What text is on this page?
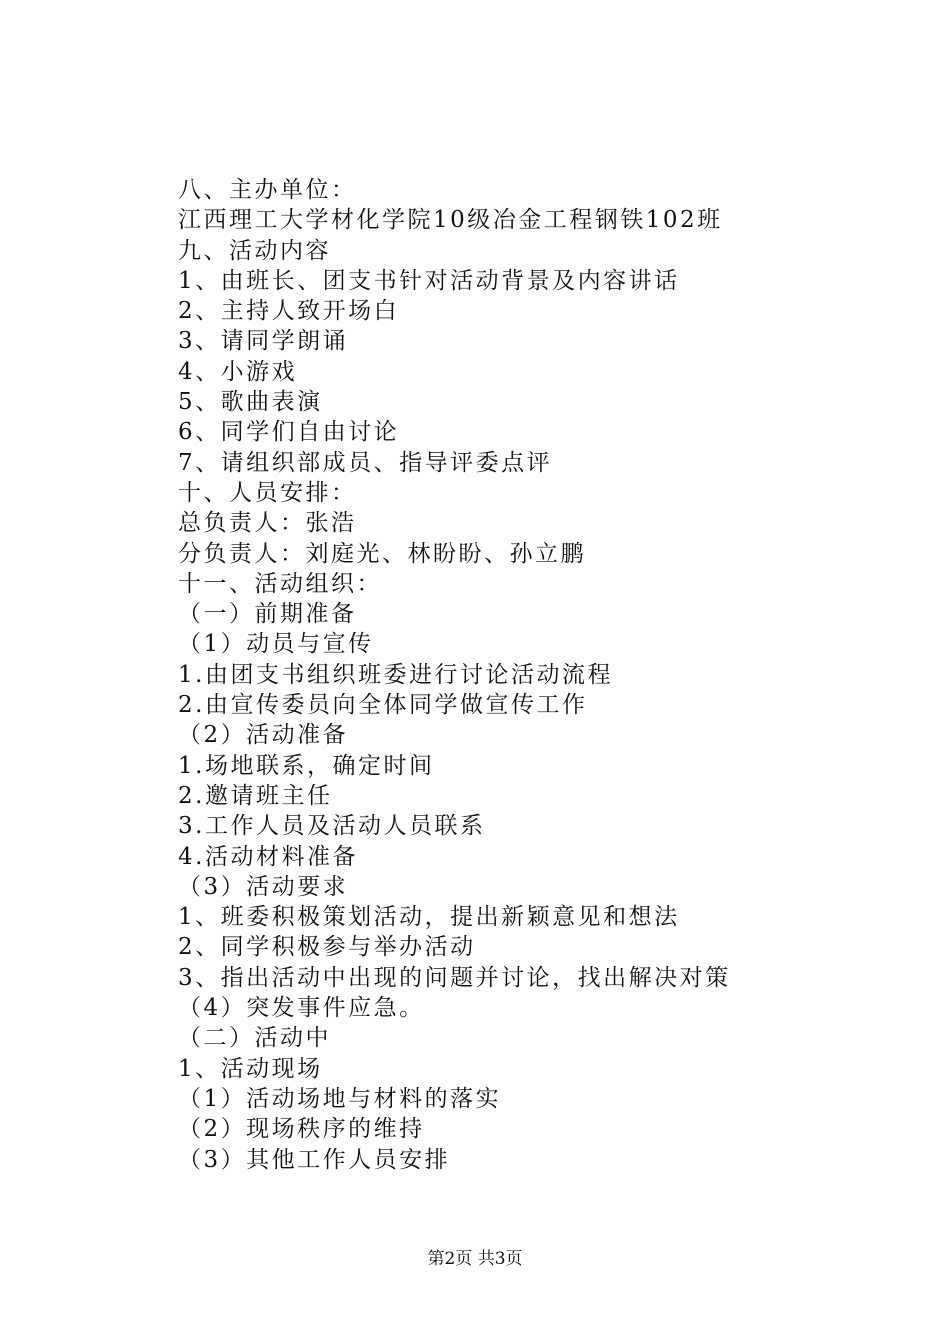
八、主办单位：
江西理工大学材化学院10级冶金工程钢铁102班
九、活动内容
1、由班长、团支书针对活动背景及内容讲话
2、主持人致开场白
3、请同学朗诵
4、小游戏
5、歌曲表演
6、同学们自由讨论
7、请组织部成员、指导评委点评
十、人员安排：
总负责人：张浩
分负责人：刘庭光、林盼盼、孙立鹏
十一、活动组织：
（一）前期准备
（1）动员与宣传
1.由团支书组织班委进行讨论活动流程
2.由宣传委员向全体同学做宣传工作
（2）活动准备
1.场地联系，确定时间
2.邀请班主任
3.工作人员及活动人员联系
4.活动材料准备
（3）活动要求
1、班委积极策划活动，提出新颖意见和想法
2、同学积极参与举办活动
3、指出活动中出现的问题并讨论，找出解决对策
（4）突发事件应急。
（二）活动中
1、活动现场
（1）活动场地与材料的落实
（2）现场秩序的维持
（3）其他工作人员安排
第2页 共3页
